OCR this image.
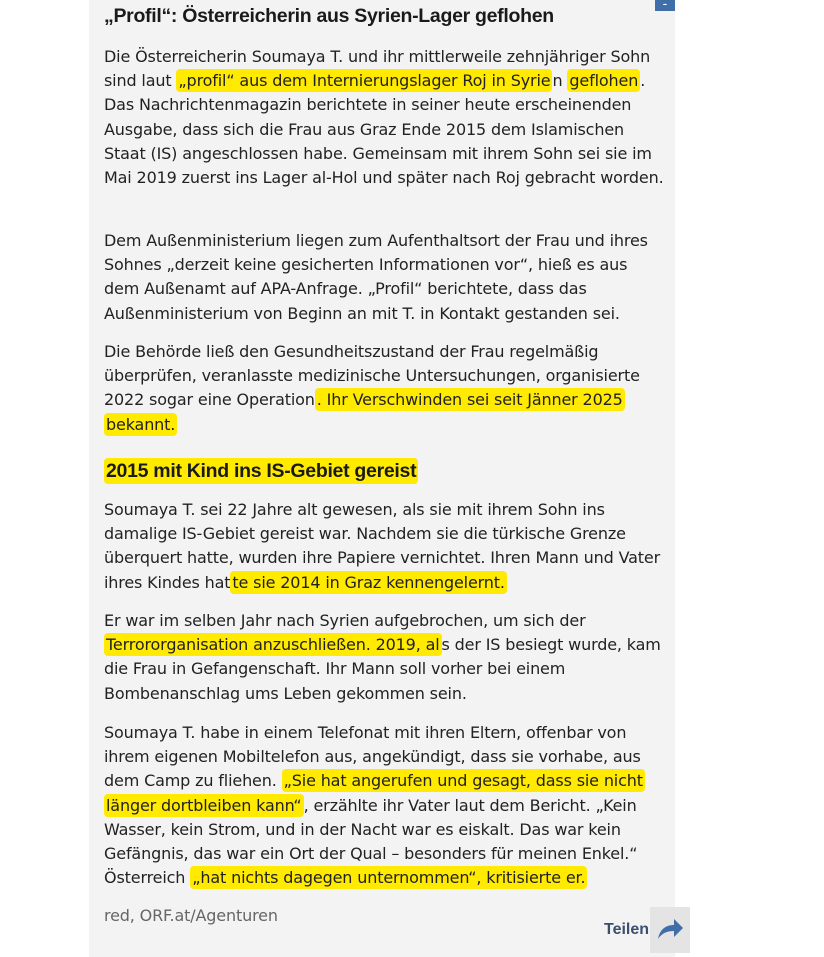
„Profil“: Österreicherin aus Syrien-Lager geflohen

Die Österreicherin Soumaya T. und ihr mittlerweile zehnjähriger Sohn sind laut „profil“ aus dem Internierungslager Roj in Syrie n geflohen . Das Nachrichtenmagazin berichtete in seiner heute erscheinenden Ausgabe, dass sich die Frau aus Graz Ende 2015 dem Islamischen Staat (IS) angeschlossen habe. Gemeinsam mit ihrem Sohn sei sie im Mai 2019 zuerst ins Lager al-Hol und später nach Roj gebracht worden.

Dem Außenministerium liegen zum Aufenthaltsort der Frau und ihres Sohnes „derzeit keine gesicherten Informationen vor“, hieß es aus dem Außenamt auf APA-Anfrage. „Profil“ berichtete, dass das Außenministerium von Beginn an mit T. in Kontakt gestanden sei.

Die Behörde ließ den Gesundheitszustand der Frau regelmäßig überprüfen, veranlasste medizinische Untersuchungen, organisierte 2022 sogar eine Operation . Ihr Verschwinden sei seit Jänner 2025 bekannt.

2015 mit Kind ins IS-Gebiet gereist

Soumaya T. sei 22 Jahre alt gewesen, als sie mit ihrem Sohn ins damalige IS-Gebiet gereist war. Nachdem sie die türkische Grenze überquert hatte, wurden ihre Papiere vernichtet. Ihren Mann und Vater ihres Kindes hat te sie 2014 in Graz kennengelernt.

Er war im selben Jahr nach Syrien aufgebrochen, um sich der Terrororganisation anzuschließen. 2019, al s der IS besiegt wurde, kam die Frau in Gefangenschaft. Ihr Mann soll vorher bei einem Bombenanschlag ums Leben gekommen sein.

Soumaya T. habe in einem Telefonat mit ihren Eltern, offenbar von ihrem eigenen Mobiltelefon aus, angekündigt, dass sie vorhabe, aus dem Camp zu fliehen. „Sie hat angerufen und gesagt, dass sie nicht länger dortbleiben kann“ , erzählte ihr Vater laut dem Bericht. „Kein Wasser, kein Strom, und in der Nacht war es eiskalt. Das war kein Gefängnis, das war ein Ort der Qual – besonders für meinen Enkel.“ Österreich „hat nichts dagegen unternommen“, kritisierte er.

red, ORF.at/Agenturen
Teilen
-
